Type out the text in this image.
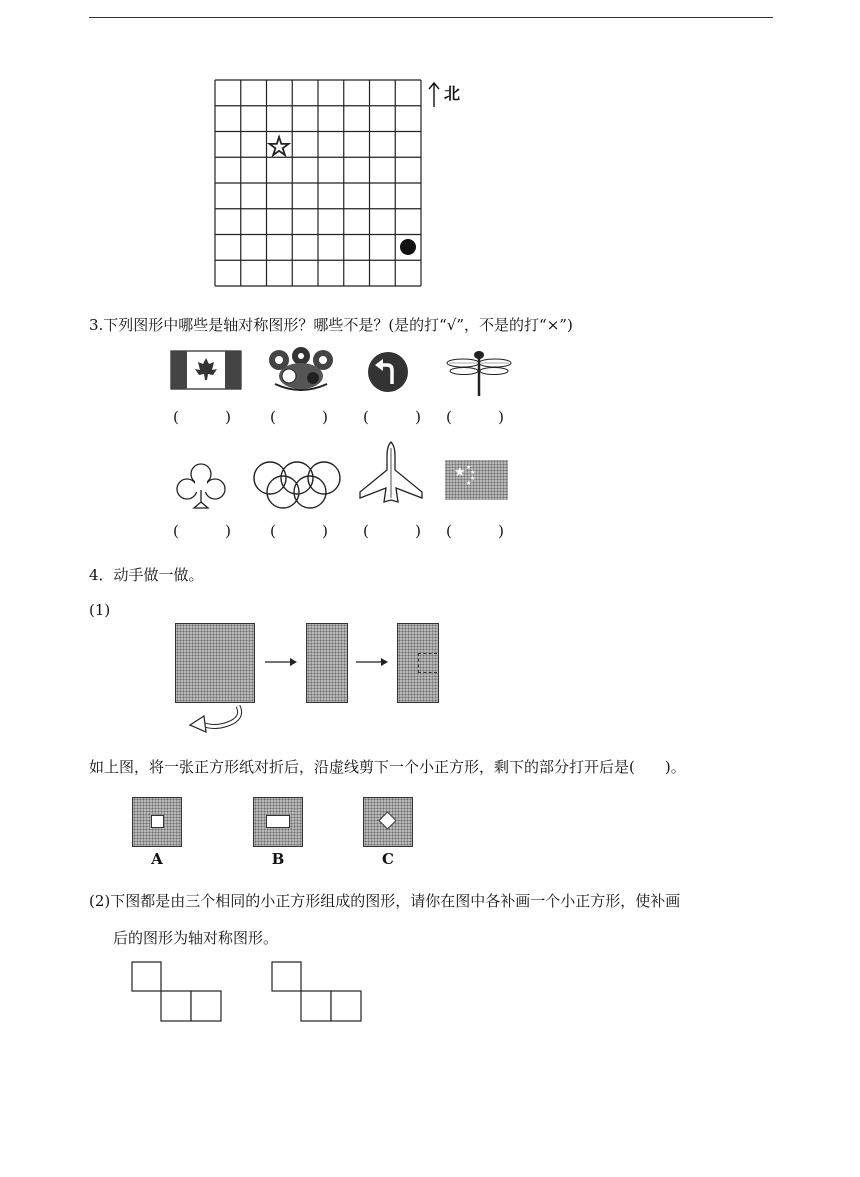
☆
北
3.下列图形中哪些是轴对称图形？哪些不是？(是的打“√”，不是的打“×”)
(	)	(	) (	) (	)
★ ★
★
★
★
(	)	(	) (	) (	)
4．动手做一做。
(1)
如上图，将一张正方形纸对折后，沿虚线剪下一个小正方形，剩下的部分打开后是(　　)。
A	B	C
(2)下图都是由三个相同的小正方形组成的图形，请你在图中各补画一个小正方形，使补画
后的图形为轴对称图形。
